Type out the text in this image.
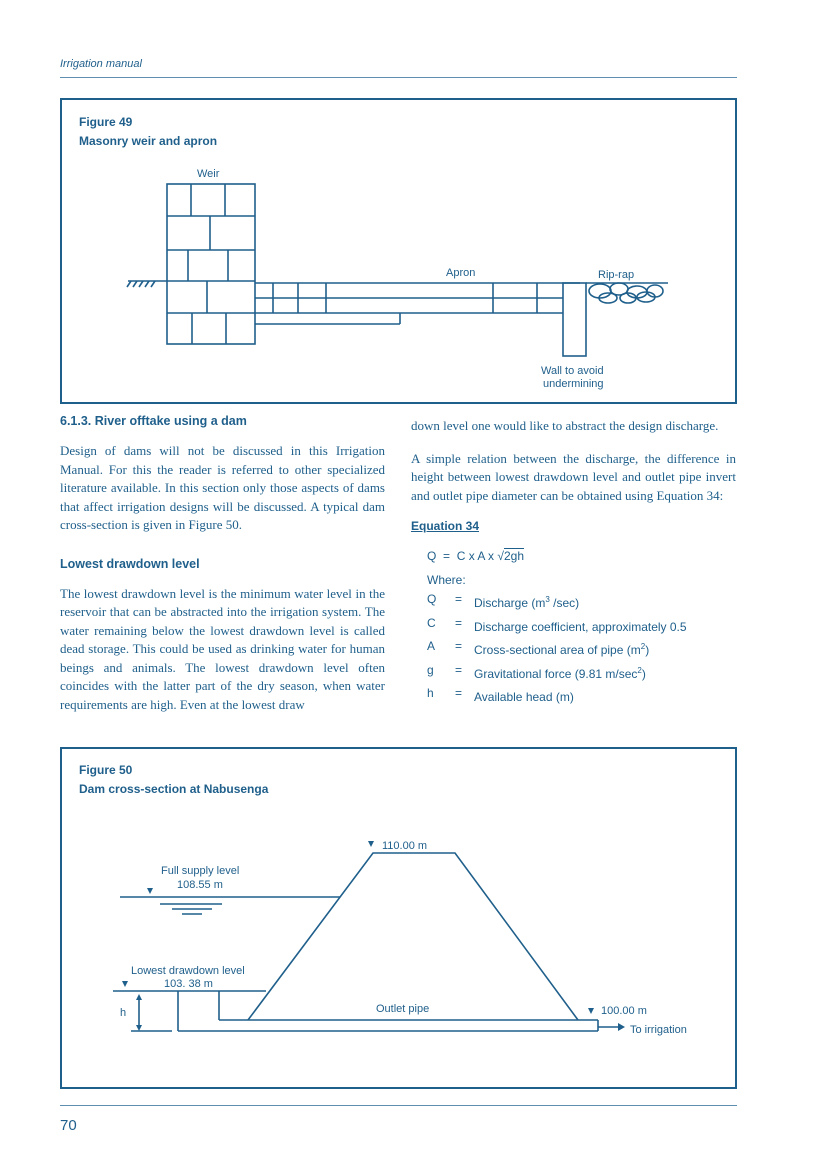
Irrigation manual
Figure 49
Masonry weir and apron
Weir
Apron	Rip-rap
Wall to avoid
undermining
6.1.3. River offtake using a dam

Design of dams will not be discussed in this Irrigation Manual. For this the reader is referred to other specialized literature available. In this section only those aspects of dams that affect irrigation designs will be discussed. A typical dam cross-section is given in Figure 50.

Lowest drawdown level

The lowest drawdown level is the minimum water level in the reservoir that can be abstracted into the irrigation system. The water remaining below the lowest drawdown level is called dead storage. This could be used as drinking water for human beings and animals. The lowest drawdown level often coincides with the latter part of the dry season, when water requirements are high. Even at the lowest draw

down level one would like to abstract the design discharge.

A simple relation between the discharge, the difference in height between lowest drawdown level and outlet pipe invert and outlet pipe diameter can be obtained using Equation 34:

Equation 34
Q = C x A x √2gh
Where:
Q	= Discharge ($m^3$ /sec)
C	= Discharge coefficient, approximately 0.5
A	= Cross-sectional area of pipe $(m^2)$
g	= Gravitational force (9.81 $m/\sec^2$)
h	= Available head (m)
Figure 50
Dam cross-section at Nabusenga
110.00 m
Full supply level
108.55 m
Lowest drawdown level
103. 38 m
h	Outlet pipe	100.00 m
To irrigation
70
